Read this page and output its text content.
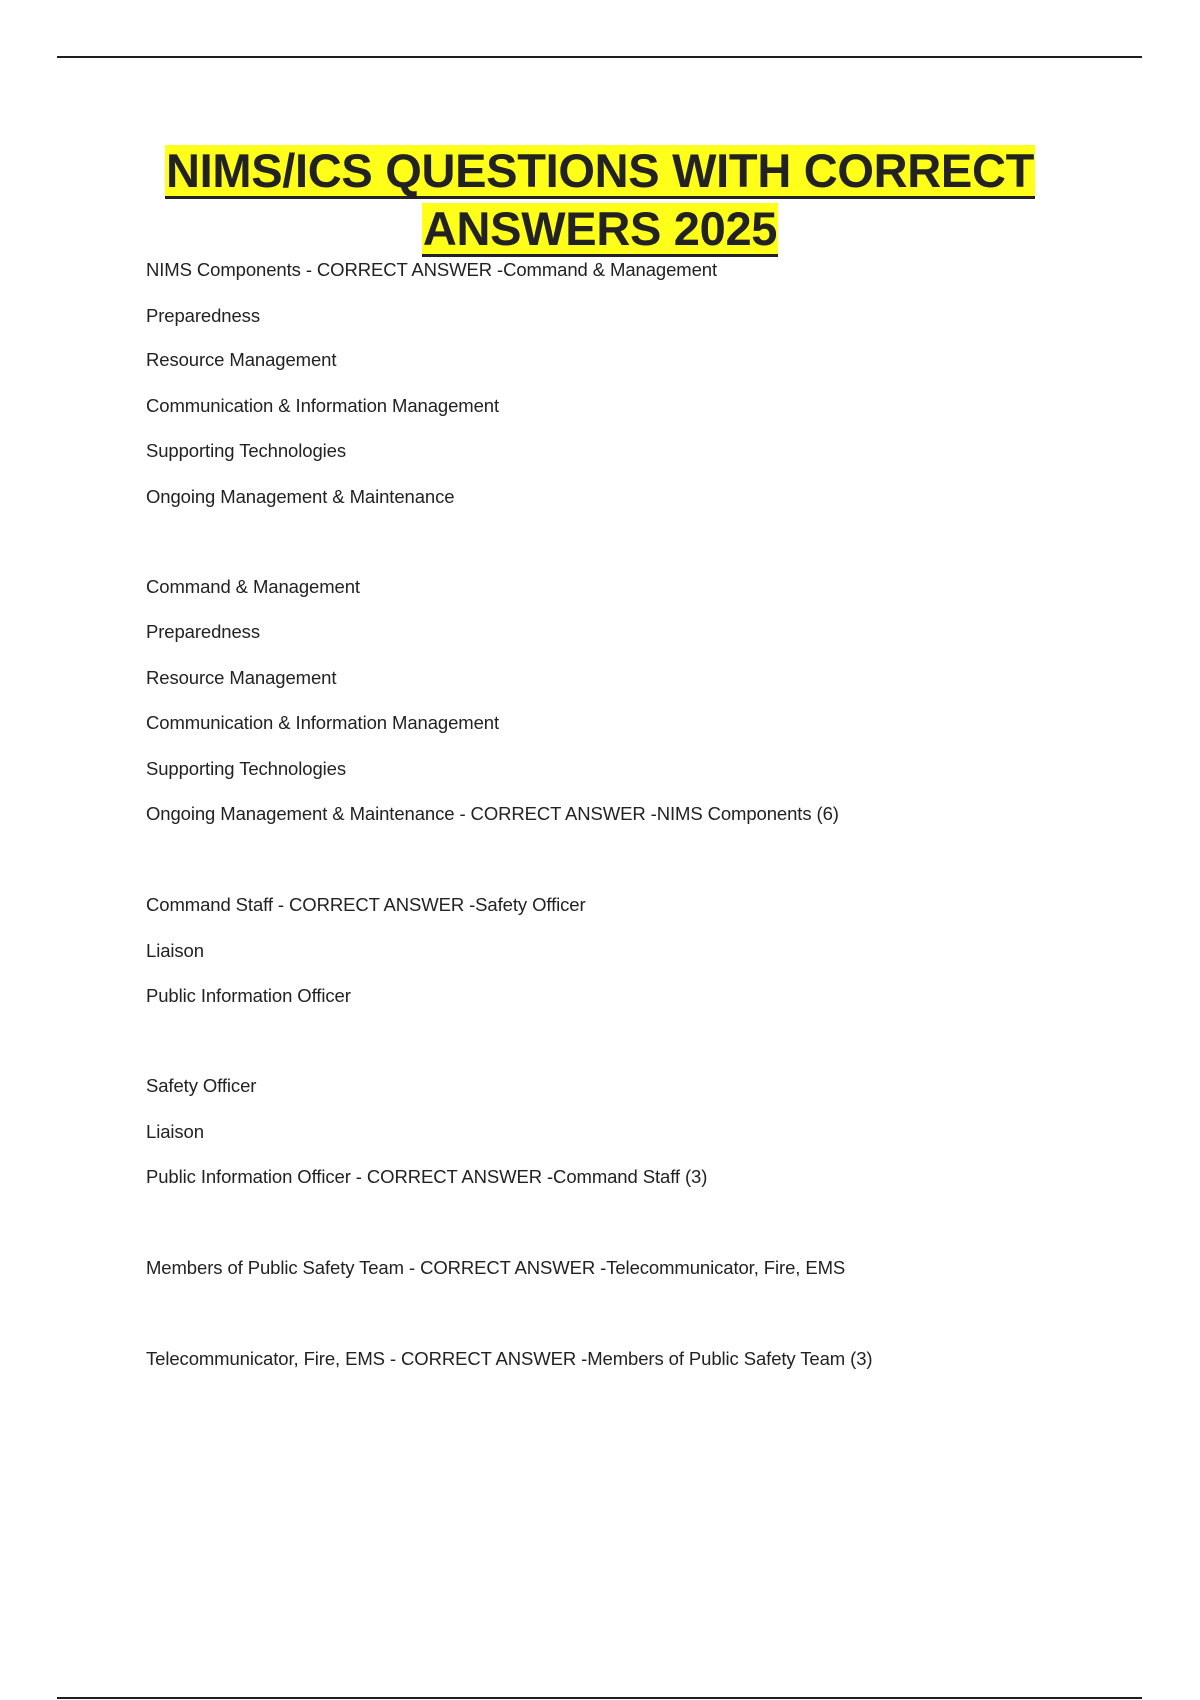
NIMS/ICS QUESTIONS WITH CORRECT
ANSWERS 2025
NIMS Components - CORRECT ANSWER -Command & Management
Preparedness
Resource Management
Communication & Information Management
Supporting Technologies
Ongoing Management & Maintenance
Command & Management
Preparedness
Resource Management
Communication & Information Management
Supporting Technologies
Ongoing Management & Maintenance - CORRECT ANSWER -NIMS Components (6)
Command Staff - CORRECT ANSWER -Safety Officer
Liaison
Public Information Officer
Safety Officer
Liaison
Public Information Officer - CORRECT ANSWER -Command Staff (3)
Members of Public Safety Team - CORRECT ANSWER -Telecommunicator, Fire, EMS
Telecommunicator, Fire, EMS - CORRECT ANSWER -Members of Public Safety Team (3)
